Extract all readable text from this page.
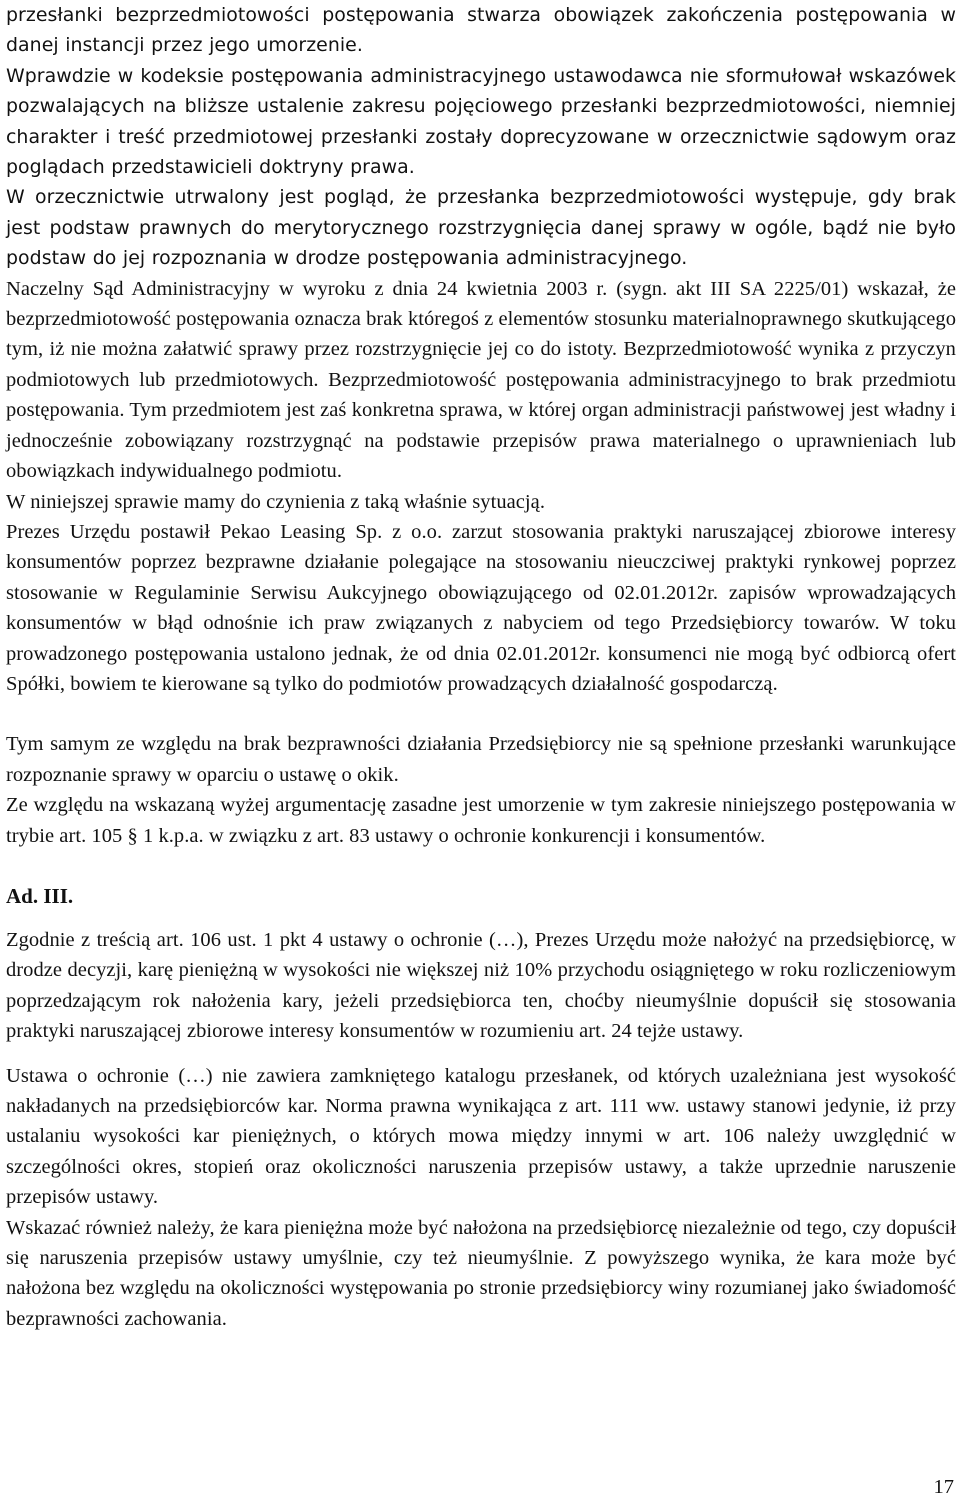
przesłanki bezprzedmiotowości postępowania stwarza obowiązek zakończenia postępowania w danej instancji przez jego umorzenie.

Wprawdzie w kodeksie postępowania administracyjnego ustawodawca nie sformułował wskazówek pozwalających na bliższe ustalenie zakresu pojęciowego przesłanki bezprzedmiotowości, niemniej charakter i treść przedmiotowej przesłanki zostały doprecyzowane w orzecznictwie sądowym oraz poglądach przedstawicieli doktryny prawa.

W orzecznictwie utrwalony jest pogląd, że przesłanka bezprzedmiotowości występuje, gdy brak jest podstaw prawnych do merytorycznego rozstrzygnięcia danej sprawy w ogóle, bądź nie było podstaw do jej rozpoznania w drodze postępowania administracyjnego.

Naczelny Sąd Administracyjny w wyroku z dnia 24 kwietnia 2003 r. (sygn. akt III SA 2225/01) wskazał, że bezprzedmiotowość postępowania oznacza brak któregoś z elementów stosunku materialnoprawnego skutkującego tym, iż nie można załatwić sprawy przez rozstrzygnięcie jej co do istoty. Bezprzedmiotowość wynika z przyczyn podmiotowych lub przedmiotowych. Bezprzedmiotowość postępowania administracyjnego to brak przedmiotu postępowania. Tym przedmiotem jest zaś konkretna sprawa, w której organ administracji państwowej jest władny i jednocześnie zobowiązany rozstrzygnąć na podstawie przepisów prawa materialnego o uprawnieniach lub obowiązkach indywidualnego podmiotu.

W niniejszej sprawie mamy do czynienia z taką właśnie sytuacją.

Prezes Urzędu postawił Pekao Leasing Sp. z o.o. zarzut stosowania praktyki naruszającej zbiorowe interesy konsumentów poprzez bezprawne działanie polegające na stosowaniu nieuczciwej praktyki rynkowej poprzez stosowanie w Regulaminie Serwisu Aukcyjnego obowiązującego od 02.01.2012r. zapisów wprowadzających konsumentów w błąd odnośnie ich praw związanych z nabyciem od tego Przedsiębiorcy towarów. W toku prowadzonego postępowania ustalono jednak, że od dnia 02.01.2012r. konsumenci nie mogą być odbiorcą ofert Spółki, bowiem te kierowane są tylko do podmiotów prowadzących działalność gospodarczą.

Tym samym ze względu na brak bezprawności działania Przedsiębiorcy nie są spełnione przesłanki warunkujące rozpoznanie sprawy w oparciu o ustawę o okik.

Ze względu na wskazaną wyżej argumentację zasadne jest umorzenie w tym zakresie niniejszego postępowania w trybie art. 105 § 1 k.p.a. w związku z art. 83 ustawy o ochronie konkurencji i konsumentów.

Ad. III.

Zgodnie z treścią art. 106 ust. 1 pkt 4 ustawy o ochronie (…), Prezes Urzędu może nałożyć na przedsiębiorcę, w drodze decyzji, karę pieniężną w wysokości nie większej niż 10% przychodu osiągniętego w roku rozliczeniowym poprzedzającym rok nałożenia kary, jeżeli przedsiębiorca ten, choćby nieumyślnie dopuścił się stosowania praktyki naruszającej zbiorowe interesy konsumentów w rozumieniu art. 24 tejże ustawy.

Ustawa o ochronie (…) nie zawiera zamkniętego katalogu przesłanek, od których uzależniana jest wysokość nakładanych na przedsiębiorców kar. Norma prawna wynikająca z art. 111 ww. ustawy stanowi jedynie, iż przy ustalaniu wysokości kar pieniężnych, o których mowa między innymi w art. 106 należy uwzględnić w szczególności okres, stopień oraz okoliczności naruszenia przepisów ustawy, a także uprzednie naruszenie przepisów ustawy.

Wskazać również należy, że kara pieniężna może być nałożona na przedsiębiorcę niezależnie od tego, czy dopuścił się naruszenia przepisów ustawy umyślnie, czy też nieumyślnie. Z powyższego wynika, że kara może być nałożona bez względu na okoliczności występowania po stronie przedsiębiorcy winy rozumianej jako świadomość bezprawności zachowania.

17
